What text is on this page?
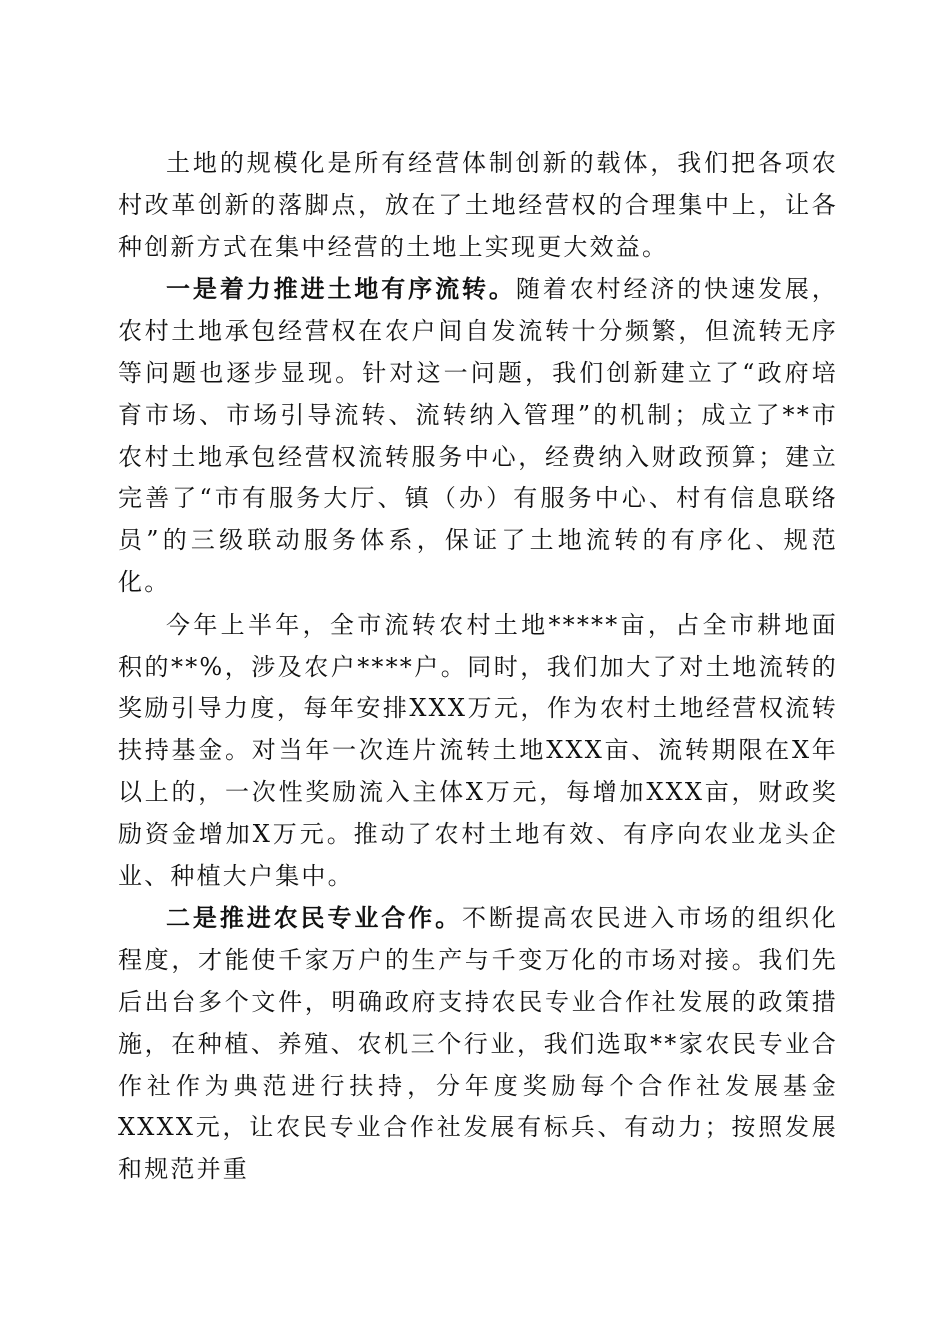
土地的规模化是所有经营体制创新的载体，我们把各项农村改革创新的落脚点，放在了土地经营权的合理集中上，让各种创新方式在集中经营的土地上实现更大效益。

一是着力推进土地有序流转。随着农村经济的快速发展，农村土地承包经营权在农户间自发流转十分频繁，但流转无序等问题也逐步显现。针对这一问题，我们创新建立了“政府培育市场、市场引导流转、流转纳入管理”的机制；成立了**市农村土地承包经营权流转服务中心，经费纳入财政预算；建立完善了“市有服务大厅、镇（办）有服务中心、村有信息联络员”的三级联动服务体系，保证了土地流转的有序化、规范化。

今年上半年，全市流转农村土地*****亩，占全市耕地面积的**%，涉及农户****户。同时，我们加大了对土地流转的奖励引导力度，每年安排XXX万元，作为农村土地经营权流转扶持基金。对当年一次连片流转土地XXX亩、流转期限在X年以上的，一次性奖励流入主体X万元，每增加XXX亩，财政奖励资金增加X万元。推动了农村土地有效、有序向农业龙头企业、种植大户集中。

二是推进农民专业合作。不断提高农民进入市场的组织化程度，才能使千家万户的生产与千变万化的市场对接。我们先后出台多个文件，明确政府支持农民专业合作社发展的政策措施，在种植、养殖、农机三个行业，我们选取**家农民专业合作社作为典范进行扶持，分年度奖励每个合作社发展基金XXXX元，让农民专业合作社发展有标兵、有动力；按照发展和规范并重
